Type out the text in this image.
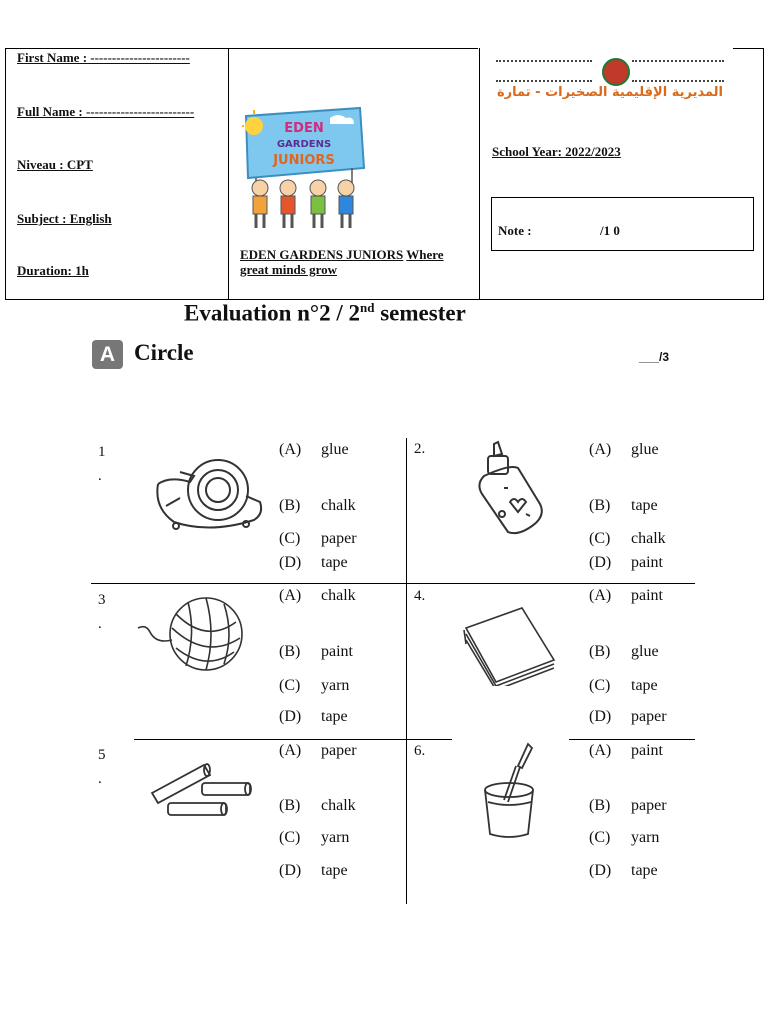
First Name : -----------------------
Full Name : -------------------------
Niveau : CPT
Subject : English
Duration: 1h
EDEN
GARDENS
JUNIORS
EDEN GARDENS JUNIORS Where great minds grow
المديرية الإقليمية الصخيرات - تمارة
School Year: 2022/2023
Note :	/1 0
Evaluation n°2 / 2nd semester
A Circle	___/3
1
.
2.
3
.
4.
5
.
6.
(A) glue
(B) chalk
(C) paper
(D) tape
(A) glue
(B) tape
(C) chalk
(D) paint
(A) chalk
(B) paint
(C) yarn
(D) tape
(A) paint
(B) glue
(C) tape
(D) paper
(A) paper
(B) chalk
(C) yarn
(D) tape
(A) paint
(B) paper
(C) yarn
(D) tape
